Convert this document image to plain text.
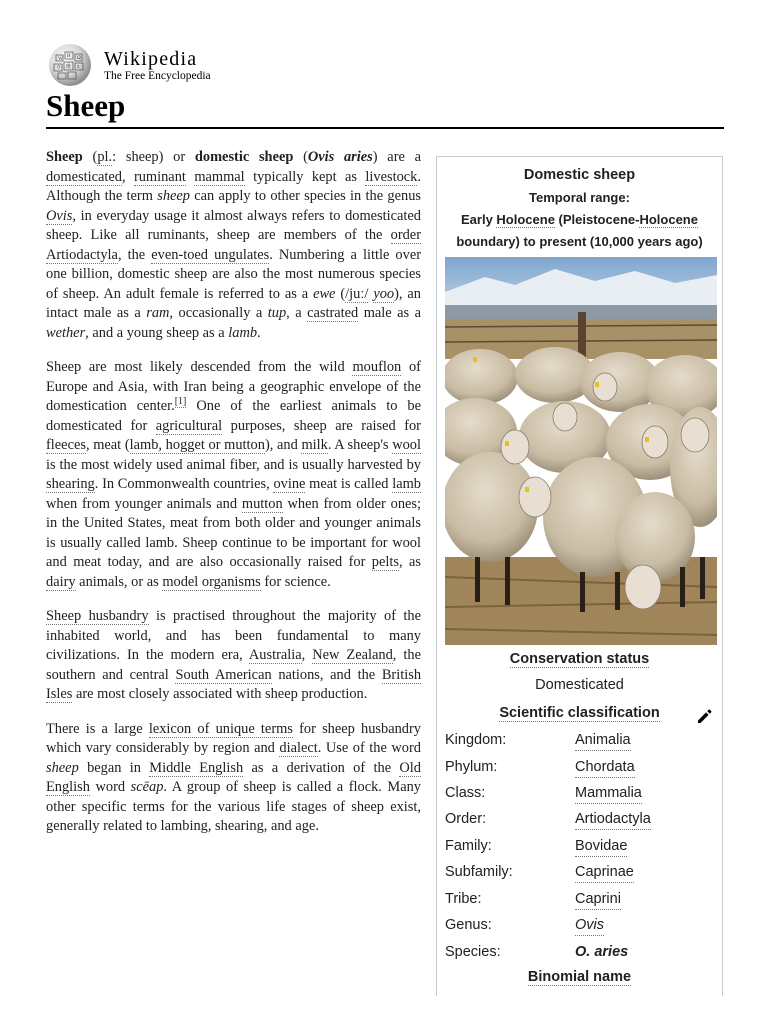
W
И Ω
ウ 维 ב Wikipedia
The Free Encyclopedia
Sheep

Sheep (pl.: sheep) or domestic sheep (Ovis aries) are a domesticated, ruminant mammal typically kept as livestock. Although the term sheep can apply to other species in the genus Ovis, in everyday usage it almost always refers to domesticated sheep. Like all ruminants, sheep are members of the order Artiodactyla, the even-toed ungulates. Numbering a little over one billion, domestic sheep are also the most numerous species of sheep. An adult female is referred to as a ewe (/juː/ yoo), an intact male as a ram, occasionally a tup, a castrated male as a wether, and a young sheep as a lamb.

Sheep are most likely descended from the wild mouflon of Europe and Asia, with Iran being a geographic envelope of the domestication center.[1] One of the earliest animals to be domesticated for agricultural purposes, sheep are raised for fleeces, meat (lamb, hogget or mutton), and milk. A sheep's wool is the most widely used animal fiber, and is usually harvested by shearing. In Commonwealth countries, ovine meat is called lamb when from younger animals and mutton when from older ones; in the United States, meat from both older and younger animals is usually called lamb. Sheep continue to be important for wool and meat today, and are also occasionally raised for pelts, as dairy animals, or as model organisms for science.

Sheep husbandry is practised throughout the majority of the inhabited world, and has been fundamental to many civilizations. In the modern era, Australia, New Zealand, the southern and central South American nations, and the British Isles are most closely associated with sheep production.

There is a large lexicon of unique terms for sheep husbandry which vary considerably by region and dialect. Use of the word sheep began in Middle English as a derivation of the Old English word scēap. A group of sheep is called a flock. Many other specific terms for the various life stages of sheep exist, generally related to lambing, shearing, and age.

Domestic sheep
Temporal range:
Early Holocene (Pleistocene-Holocene boundary) to present (10,000 years ago)
Conservation status
Domesticated
Scientific classification
Kingdom:	Animalia
Phylum:	Chordata
Class:	Mammalia
Order:	Artiodactyla
Family:	Bovidae
Subfamily:	Caprinae
Tribe:	Caprini
Genus:	Ovis
Species:	O. aries
Binomial name
